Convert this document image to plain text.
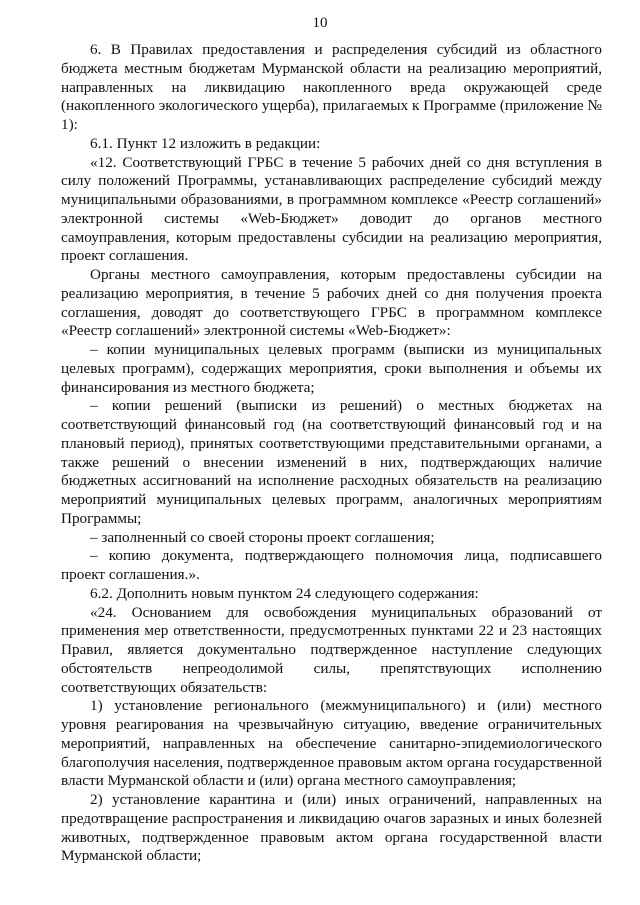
10

6. В Правилах предоставления и распределения субсидий из областного бюджета местным бюджетам Мурманской области на реализацию мероприятий, направленных на ликвидацию накопленного вреда окружающей среде (накопленного экологического ущерба), прилагаемых к Программе (приложение № 1):

6.1. Пункт 12 изложить в редакции:

«12. Соответствующий ГРБС в течение 5 рабочих дней со дня вступления в силу положений Программы, устанавливающих распределение субсидий между муниципальными образованиями, в программном комплексе «Реестр соглашений» электронной системы «Web-Бюджет» доводит до органов местного самоуправления, которым предоставлены субсидии на реализацию мероприятия, проект соглашения.

Органы местного самоуправления, которым предоставлены субсидии на реализацию мероприятия, в течение 5 рабочих дней со дня получения проекта соглашения, доводят до соответствующего ГРБС в программном комплексе «Реестр соглашений» электронной системы «Web-Бюджет»:

– копии муниципальных целевых программ (выписки из муниципальных целевых программ), содержащих мероприятия, сроки выполнения и объемы их финансирования из местного бюджета;

– копии решений (выписки из решений) о местных бюджетах на соответствующий финансовый год (на соответствующий финансовый год и на плановый период), принятых соответствующими представительными органами, а также решений о внесении изменений в них, подтверждающих наличие бюджетных ассигнований на исполнение расходных обязательств на реализацию мероприятий муниципальных целевых программ, аналогичных мероприятиям Программы;

– заполненный со своей стороны проект соглашения;

– копию документа, подтверждающего полномочия лица, подписавшего проект соглашения.».

6.2. Дополнить новым пунктом 24 следующего содержания:

«24. Основанием для освобождения муниципальных образований от применения мер ответственности, предусмотренных пунктами 22 и 23 настоящих Правил, является документально подтвержденное наступление следующих обстоятельств непреодолимой силы, препятствующих исполнению соответствующих обязательств:

1) установление регионального (межмуниципального) и (или) местного уровня реагирования на чрезвычайную ситуацию, введение ограничительных мероприятий, направленных на обеспечение санитарно-эпидемиологического благополучия населения, подтвержденное правовым актом органа государственной власти Мурманской области и (или) органа местного самоуправления;

2) установление карантина и (или) иных ограничений, направленных на предотвращение распространения и ликвидацию очагов заразных и иных болезней животных, подтвержденное правовым актом органа государственной власти Мурманской области;
